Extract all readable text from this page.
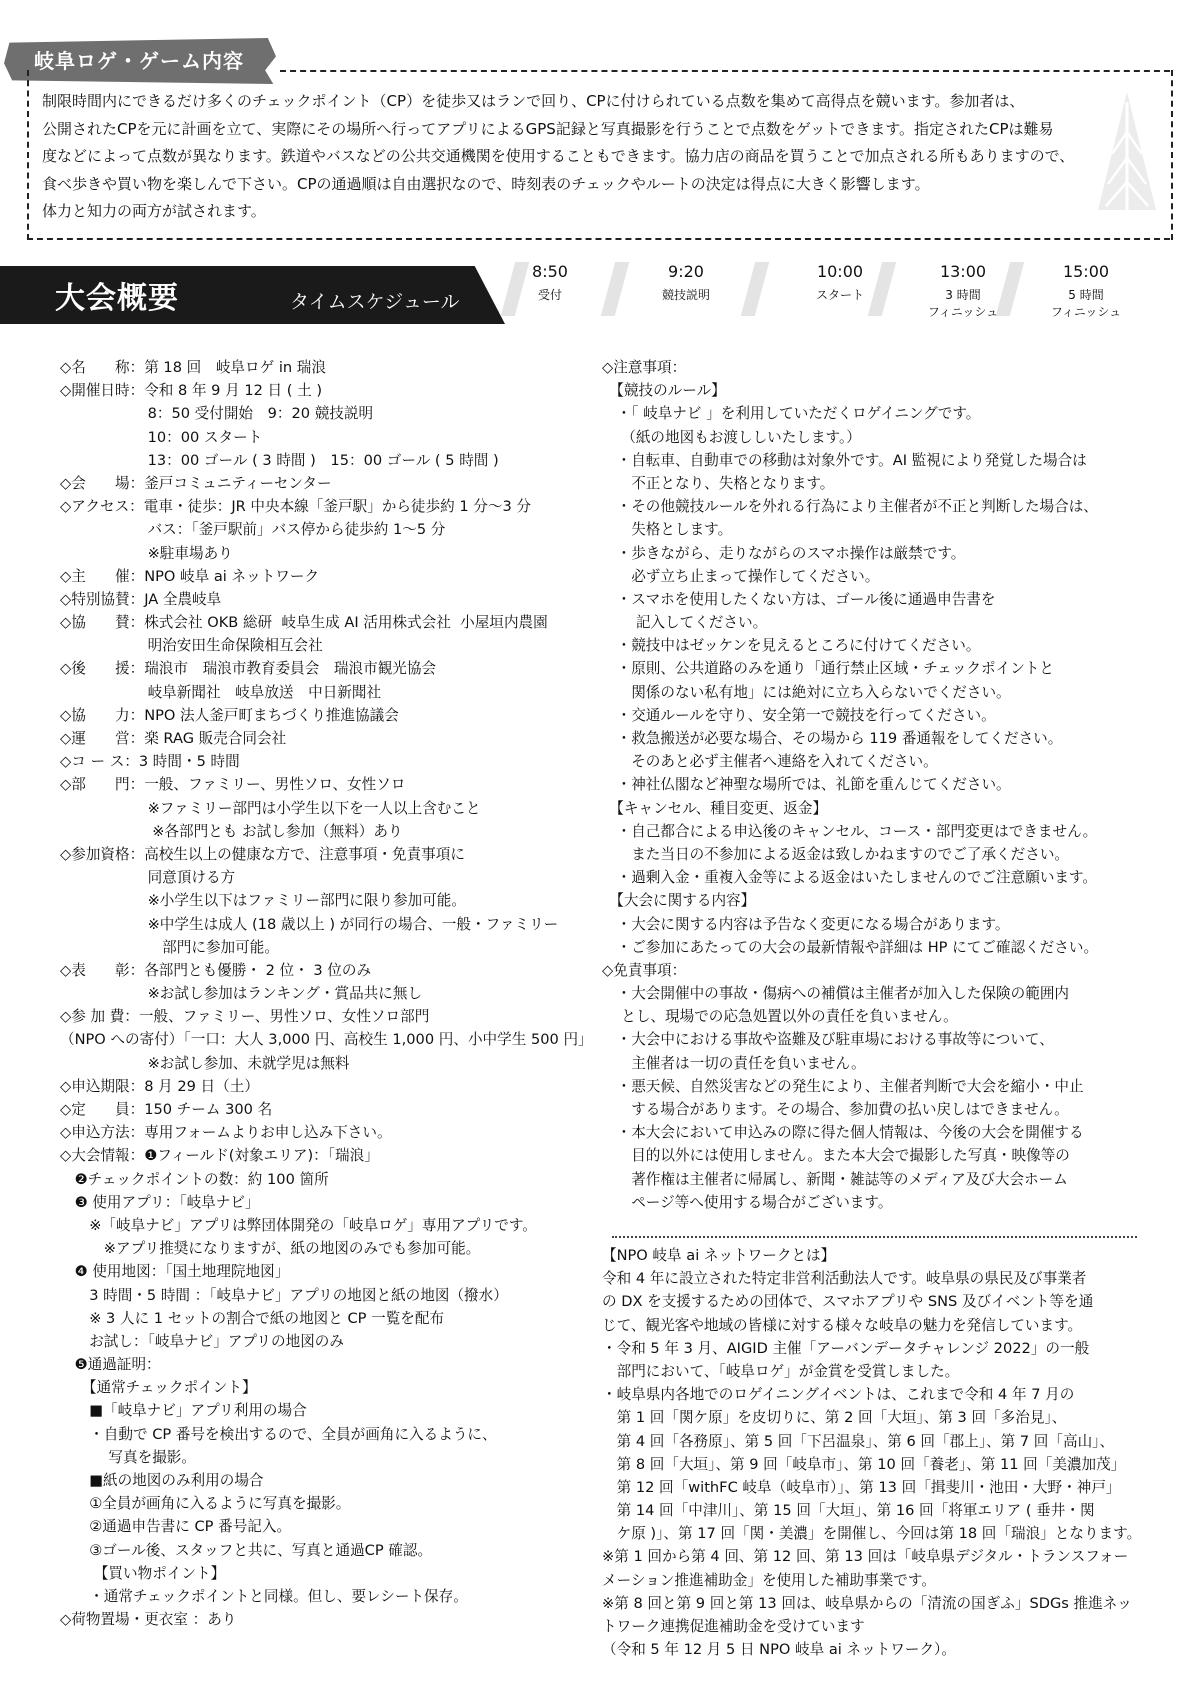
岐阜ロゲ・ゲーム内容

制限時間内にできるだけ多くのチェックポイント（CP）を徒歩又はランで回り、CPに付けられている点数を集めて高得点を競います。参加者は、

公開されたCPを元に計画を立て、実際にその場所へ行ってアプリによるGPS記録と写真撮影を行うことで点数をゲットできます。指定されたCPは難易

度などによって点数が異なります。鉄道やバスなどの公共交通機関を使用することもできます。協力店の商品を買うことで加点される所もありますので、

食べ歩きや買い物を楽しんで下さい。CPの通過順は自由選択なので、時刻表のチェックやルートの決定は得点に大きく影響します。

体力と知力の両方が試されます。

大会概要	タイムスケジュール
8:50
受付
9:20
競技説明
10:00
スタート
13:00
3 時間
フィニッシュ
15:00
5 時間
フィニッシュ
◇名　　称：第 18 回　岐阜ロゲ in 瑞浪
◇開催日時：令和 8 年 9 月 12 日 ( 土 )
　　　　　　8：50 受付開始　9：20 競技説明
　　　　　　10：00 スタート
　　　　　　13：00 ゴール ( 3 時間 )　15：00 ゴール ( 5 時間 )
◇会　　場：釜戸コミュニティーセンター
◇アクセス：電車・徒歩：JR 中央本線「釜戸駅」から徒歩約 1 分〜3 分
　　　　　　バス：「釜戸駅前」バス停から徒歩約 1〜5 分
　　　　　　※駐車場あり
◇主　　催：NPO 岐阜 ai ネットワーク
◇特別協賛：JA 全農岐阜
◇協　　賛：株式会社 OKB 総研  岐阜生成 AI 活用株式会社  小屋垣内農園
　　　　　　明治安田生命保険相互会社
◇後　　援：瑞浪市　瑞浪市教育委員会　瑞浪市観光協会
　　　　　　岐阜新聞社　岐阜放送　中日新聞社
◇協　　力：NPO 法人釜戸町まちづくり推進協議会
◇運　　営：楽 RAG 販売合同会社
◇コ ー ス：3 時間・5 時間
◇部　　門：一般、ファミリー、男性ソロ、女性ソロ
　　　　　　※ファミリー部門は小学生以下を一人以上含むこと
　　　　　　 ※各部門とも お試し参加（無料）あり
◇参加資格：高校生以上の健康な方で、注意事項・免責事項に
　　　　　　同意頂ける方
　　　　　　※小学生以下はファミリー部門に限り参加可能。
　　　　　　※中学生は成人 (18 歳以上 ) が同行の場合、一般・ファミリー
　　　　　　　部門に参加可能。
◇表　　彰：各部門とも優勝・ 2 位・ 3 位のみ
　　　　　　※お試し参加はランキング・賞品共に無し
◇参 加 費：一般、ファミリー、男性ソロ、女性ソロ部門
（NPO への寄付）「一口：大人 3,000 円、高校生 1,000 円、小中学生 500 円」
　　　　　　※お試し参加、未就学児は無料
◇申込期限：8 月 29 日（土）
◇定　　員：150 チーム 300 名
◇申込方法：専用フォームよりお申し込み下さい。
◇大会情報：❶フィールド(対象エリア)：「瑞浪」
　❷チェックポイントの数：約 100 箇所
　❸ 使用アプリ：「岐阜ナビ」
　　※「岐阜ナビ」アプリは弊団体開発の「岐阜ロゲ」専用アプリです。
　　　※アプリ推奨になりますが、紙の地図のみでも参加可能。
　❹ 使用地図：「国土地理院地図」
　　3 時間・5 時間 ：「岐阜ナビ」アプリの地図と紙の地図（撥水）
　　※ 3 人に 1 セットの割合で紙の地図と CP 一覧を配布
　　お試し：「岐阜ナビ」アプリの地図のみ
　❺通過証明：
　　【通常チェックポイント】
　　■「岐阜ナビ」アプリ利用の場合
　　・自動で CP 番号を検出するので、全員が画角に入るように、
　　　 写真を撮影。
　　■紙の地図のみ利用の場合
　　①全員が画角に入るように写真を撮影。
　　②通過申告書に CP 番号記入。
　　③ゴール後、スタッフと共に、写真と通過CP 確認。
　　 【買い物ポイント】
　　・通常チェックポイントと同様。但し、要レシート保存。
◇荷物置場・更衣室 ：あり
◇注意事項：
　【競技のルール】
　・「 岐阜ナビ 」を利用していただくロゲイニングです。
　 （紙の地図もお渡ししいたします。）
　・自転車、自動車での移動は対象外です。AI 監視により発覚した場合は
　　不正となり、失格となります。
　・その他競技ルールを外れる行為により主催者が不正と判断した場合は、
　　失格とします。
　・歩きながら、走りながらのスマホ操作は厳禁です。
　　必ず立ち止まって操作してください。
　・スマホを使用したくない方は、ゴール後に通過申告書を
　　 記入してください。
　・競技中はゼッケンを見えるところに付けてください。
　・原則、公共道路のみを通り「通行禁止区域・チェックポイントと
　　関係のない私有地」には絶対に立ち入らないでください。
　・交通ルールを守り、安全第一で競技を行ってください。
　・救急搬送が必要な場合、その場から 119 番通報をしてください。
　　そのあと必ず主催者へ連絡を入れてください。
　・神社仏閣など神聖な場所では、礼節を重んじてください。
　【キャンセル、種目変更、返金】
　・自己都合による申込後のキャンセル、コース・部門変更はできません。
　　また当日の不参加による返金は致しかねますのでご了承ください。
　・過剰入金・重複入金等による返金はいたしませんのでご注意願います。
　【大会に関する内容】
　・大会に関する内容は予告なく変更になる場合があります。
　・ご参加にあたっての大会の最新情報や詳細は HP にてご確認ください。
◇免責事項：
　・大会開催中の事故・傷病への補償は主催者が加入した保険の範囲内
　 とし、現場での応急処置以外の責任を負いません。
　・大会中における事故や盗難及び駐車場における事故等について、
　　主催者は一切の責任を負いません。
　・悪天候、自然災害などの発生により、主催者判断で大会を縮小・中止
　　する場合があります。その場合、参加費の払い戻しはできません。
　・本大会において申込みの際に得た個人情報は、今後の大会を開催する
　　目的以外には使用しません。また本大会で撮影した写真・映像等の
　　著作権は主催者に帰属し、新聞・雑誌等のメディア及び大会ホーム
　　ページ等へ使用する場合がございます。
【NPO 岐阜 ai ネットワークとは】
令和 4 年に設立された特定非営利活動法人です。岐阜県の県民及び事業者
の DX を支援するための団体で、スマホアプリや SNS 及びイベント等を通
じて、観光客や地域の皆様に対する様々な岐阜の魅力を発信しています。
・令和 5 年 3 月、AIGID 主催「アーバンデータチャレンジ 2022」の一般
　部門において、「岐阜ロゲ」が金賞を受賞しました。
・岐阜県内各地でのロゲイニングイベントは、これまで令和 4 年 7 月の
　第 1 回「関ケ原」を皮切りに、第 2 回「大垣」、第 3 回「多治見」、
　第 4 回「各務原」、第 5 回「下呂温泉」、第 6 回「郡上」、第 7 回「高山」、
　第 8 回「大垣」、第 9 回「岐阜市」、第 10 回「養老」、第 11 回「美濃加茂」
　第 12 回「withFC 岐阜（岐阜市）」、第 13 回「揖斐川・池田・大野・神戸」
　第 14 回「中津川」、第 15 回「大垣」、第 16 回「将軍エリア ( 垂井・関
　ケ原 )」、第 17 回「関・美濃」を開催し、今回は第 18 回「瑞浪」となります。
※第 1 回から第 4 回、第 12 回、第 13 回は「岐阜県デジタル・トランスフォー
メーション推進補助金」を使用した補助事業です。
※第 8 回と第 9 回と第 13 回は、岐阜県からの「清流の国ぎふ」SDGs 推進ネッ
トワーク連携促進補助金を受けています
（令和 5 年 12 月 5 日 NPO 岐阜 ai ネットワーク）。
